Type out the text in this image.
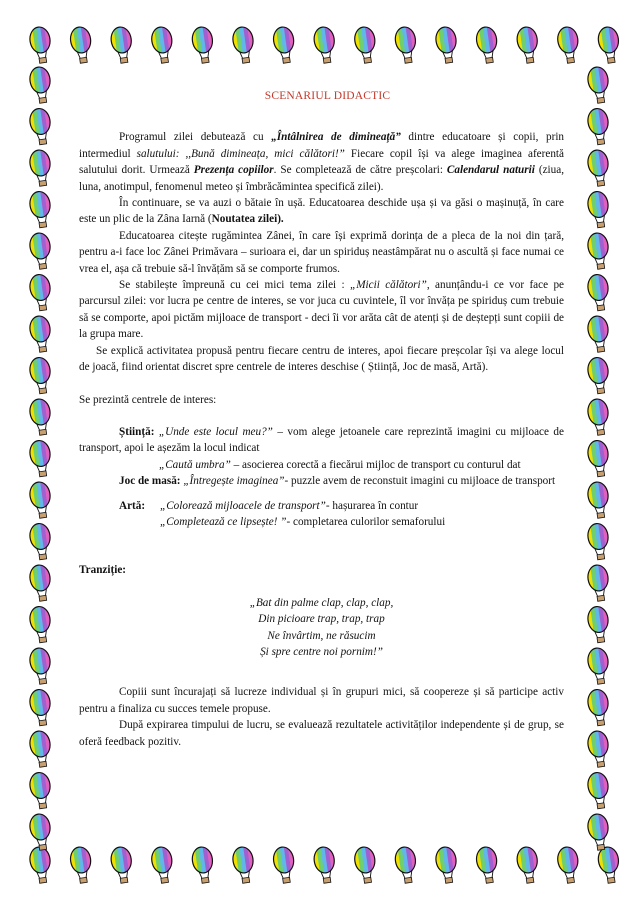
SCENARIUL DIDACTIC

Programul zilei debutează cu „Întâlnirea de dimineață” dintre educatoare și copii, prin intermediul salutului: ,,Bună dimineața, mici călători!” Fiecare copil își va alege imaginea aferentă salutului dorit. Urmează Prezența copiilor. Se completează de către preșcolari: Calendarul naturii (ziua, luna, anotimpul, fenomenul meteo și îmbrăcămintea specifică zilei).

În continuare, se va auzi o bătaie în ușă. Educatoarea deschide ușa și va găsi o mașinuță, în care este un plic de la Zâna Iarnă (Noutatea zilei).

Educatoarea citește rugămintea Zânei, în care își exprimă dorința de a pleca de la noi din țară, pentru a-i face loc Zânei Primăvara – surioara ei, dar un spiriduș neastâmpărat nu o ascultă și face numai ce vrea el, așa că trebuie să-l învățăm să se comporte frumos.

Se stabilește împreună cu cei mici tema zilei : „Micii călători”, anunțându-i ce vor face pe parcursul zilei: vor lucra pe centre de interes, se vor juca cu cuvintele, îl vor învăța pe spiriduș cum trebuie să se comporte, apoi pictăm mijloace de transport - deci îi vor arăta cât de atenți și de deștepți sunt copiii de la grupa mare.

Se explică activitatea propusă pentru fiecare centru de interes, apoi fiecare preșcolar își va alege locul de joacă, fiind orientat discret spre centrele de interes deschise ( Știință, Joc de masă, Artă).

Se prezintă centrele de interes:

Știință: „Unde este locul meu?” – vom alege jetoanele care reprezintă imagini cu mijloace de transport, apoi le așezăm la locul indicat

„Caută umbra” – asocierea corectă a fiecărui mijloc de transport cu conturul dat

Joc de masă: „Întregește imaginea”- puzzle avem de reconstuit imagini cu mijloace de transport

Artă:	„Colorează mijloacele de transport”- hașurarea în contur
„Completează ce lipsește! ”- completarea culorilor semaforului

Tranziție:

„Bat din palme clap, clap, clap,
Din picioare trap, trap, trap
Ne învârtim, ne răsucim
Și spre centre noi pornim!”

Copiii sunt încurajați să lucreze individual și în grupuri mici, să coopereze și să participe activ pentru a finaliza cu succes temele propuse.

După expirarea timpului de lucru, se evaluează rezultatele activităților independente și de grup, se oferă feedback pozitiv.
